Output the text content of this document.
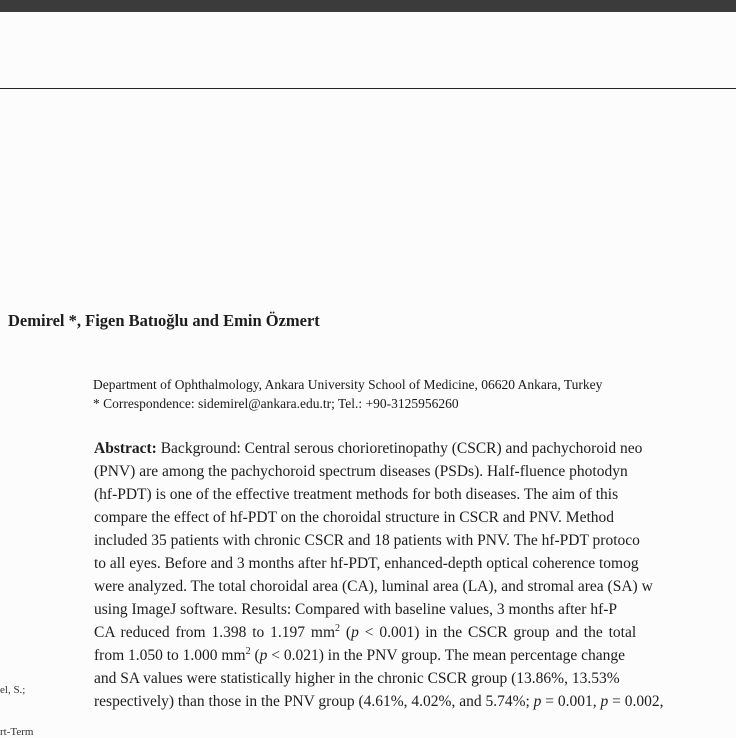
Demirel *, Figen Batıoğlu and Emin Özmert
Department of Ophthalmology, Ankara University School of Medicine, 06620 Ankara, Turkey
* Correspondence: sidemirel@ankara.edu.tr; Tel.: +90-3125956260
Abstract: Background: Central serous chorioretinopathy (CSCR) and pachychoroid neo
(PNV) are among the pachychoroid spectrum diseases (PSDs). Half-fluence photodyn
(hf-PDT) is one of the effective treatment methods for both diseases. The aim of this
compare the effect of hf-PDT on the choroidal structure in CSCR and PNV. Method
included 35 patients with chronic CSCR and 18 patients with PNV. The hf-PDT protoco
to all eyes. Before and 3 months after hf-PDT, enhanced-depth optical coherence tomog
were analyzed. The total choroidal area (CA), luminal area (LA), and stromal area (SA) w
using ImageJ software. Results: Compared with baseline values, 3 months after hf-P
CA reduced from 1.398 to 1.197 $mm^2$ (p < 0.001) in the CSCR group and the total
from 1.050 to 1.000 $mm^2$ (p < 0.021) in the PNV group. The mean percentage change
and SA values were statistically higher in the chronic CSCR group (13.86%, 13.53%
respectively) than those in the PNV group (4.61%, 4.02%, and 5.74%; p = 0.001, p = 0.002,
el, S.;
rt-Term
